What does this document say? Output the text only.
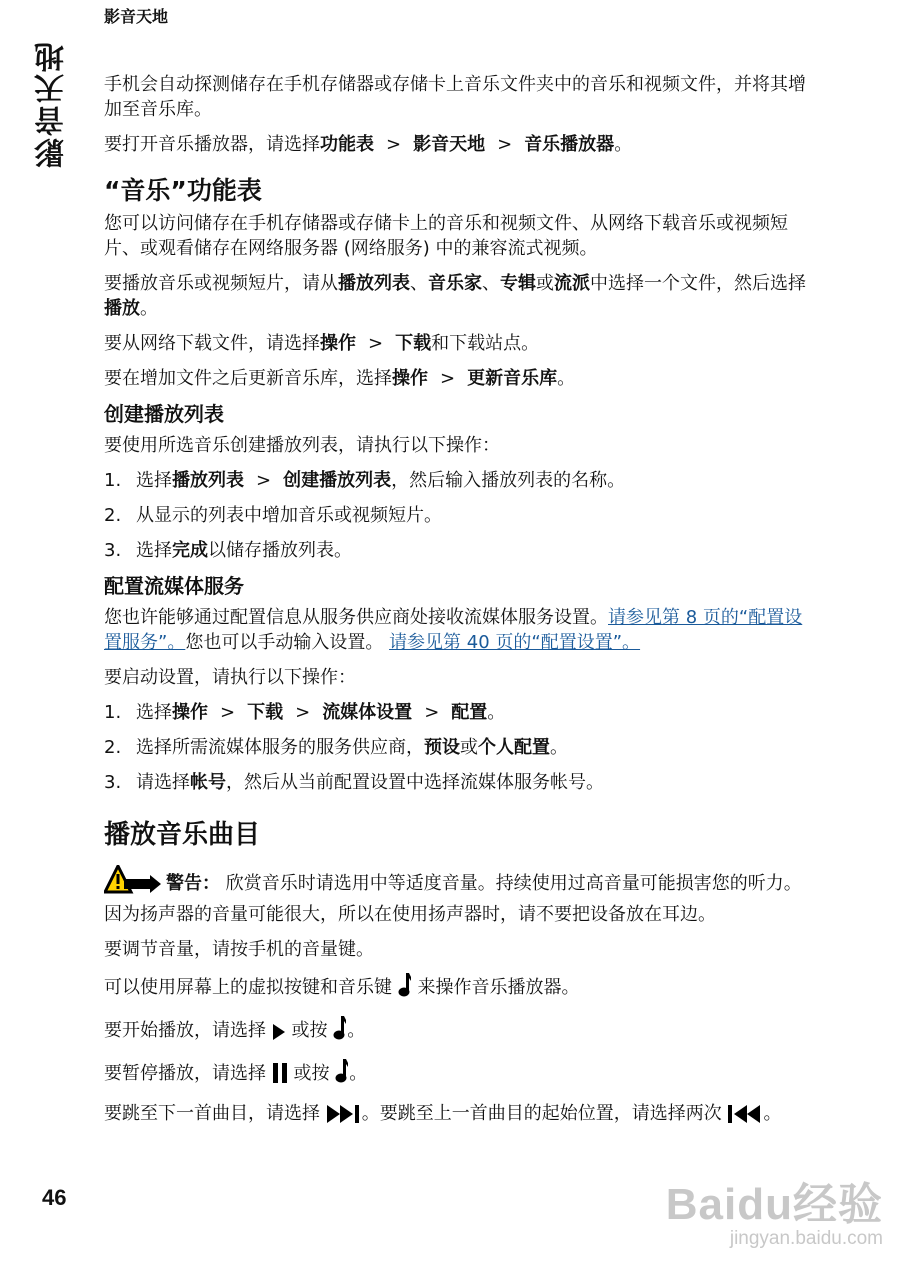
影音天地
影音天地	手机会自动探测储存在手机存储器或存储卡上音乐文件夹中的音乐和视频文件，并将其增加至音乐库。

要打开音乐播放器，请选择功能表 > 影音天地 > 音乐播放器。

“音乐”功能表

您可以访问储存在手机存储器或存储卡上的音乐和视频文件、从网络下载音乐或视频短片、或观看储存在网络服务器 (网络服务) 中的兼容流式视频。

要播放音乐或视频短片，请从播放列表、音乐家、专辑或流派中选择一个文件，然后选择播放。

要从网络下载文件，请选择操作 > 下载和下载站点。

要在增加文件之后更新音乐库，选择操作 > 更新音乐库。

创建播放列表

要使用所选音乐创建播放列表，请执行以下操作：

1. 选择播放列表 > 创建播放列表，然后输入播放列表的名称。
2. 从显示的列表中增加音乐或视频短片。
3. 选择完成以储存播放列表。
配置流媒体服务

您也许能够通过配置信息从服务供应商处接收流媒体服务设置。请参见第 8 页的“配置设置服务”。您也可以手动输入设置。 请参见第 40 页的“配置设置”。

要启动设置，请执行以下操作：

1. 选择操作 > 下载 > 流媒体设置 > 配置。
2. 选择所需流媒体服务的服务供应商，预设或个人配置。
3. 请选择帐号，然后从当前配置设置中选择流媒体服务帐号。
播放音乐曲目

警告： 欣赏音乐时请选用中等适度音量。持续使用过高音量可能损害您的听力。因为扬声器的音量可能很大，所以在使用扬声器时，请不要把设备放在耳边。

要调节音量，请按手机的音量键。

可以使用屏幕上的虚拟按键和音乐键  来操作音乐播放器。

要开始播放，请选择  或按 。

要暂停播放，请选择  或按 。

要跳至下一首曲目，请选择 。要跳至上一首曲目的起始位置，请选择两次 。

46	Baidu经验
jingyan.baidu.com
